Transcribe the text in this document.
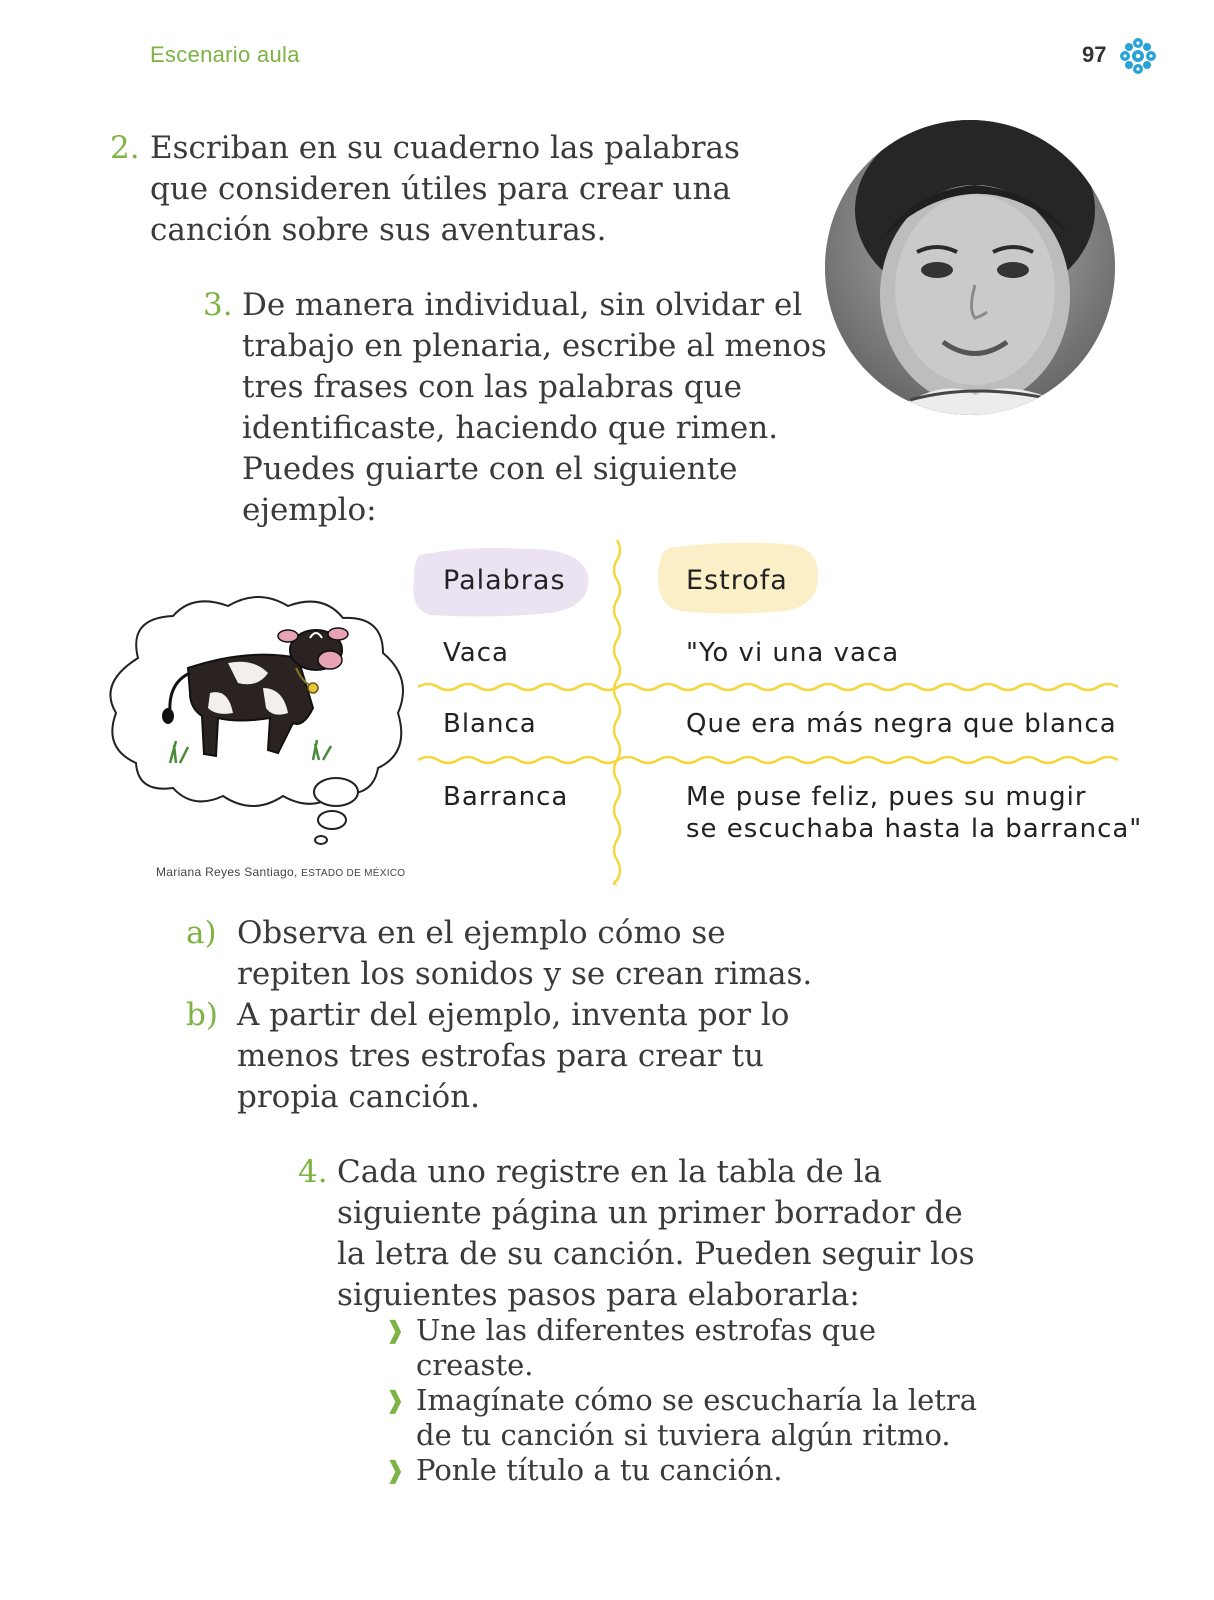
Escenario aula	97
2. Escriban en su cuaderno las palabras que consideren útiles para crear una canción sobre sus aventuras.
3. De manera individual, sin olvidar el trabajo en plenaria, escribe al menos tres frases con las palabras que identificaste, haciendo que rimen. Puedes guiarte con el siguiente ejemplo:
Palabras	Estrofa
Vaca	"Yo vi una vaca
Blanca	Que era más negra que blanca
Barranca	Me puse feliz, pues su mugir
se escuchaba hasta la barranca"
Mariana Reyes Santiago, ESTADO DE MÉXICO
a) Observa en el ejemplo cómo se repiten los sonidos y se crean rimas.
b) A partir del ejemplo, inventa por lo menos tres estrofas para crear tu propia canción.
4. Cada uno registre en la tabla de la siguiente página un primer borrador de la letra de su canción. Pueden seguir los siguientes pasos para elaborarla:
❱ Une las diferentes estrofas que creaste.
❱ Imagínate cómo se escucharía la letra de tu canción si tuviera algún ritmo.
❱ Ponle título a tu canción.
